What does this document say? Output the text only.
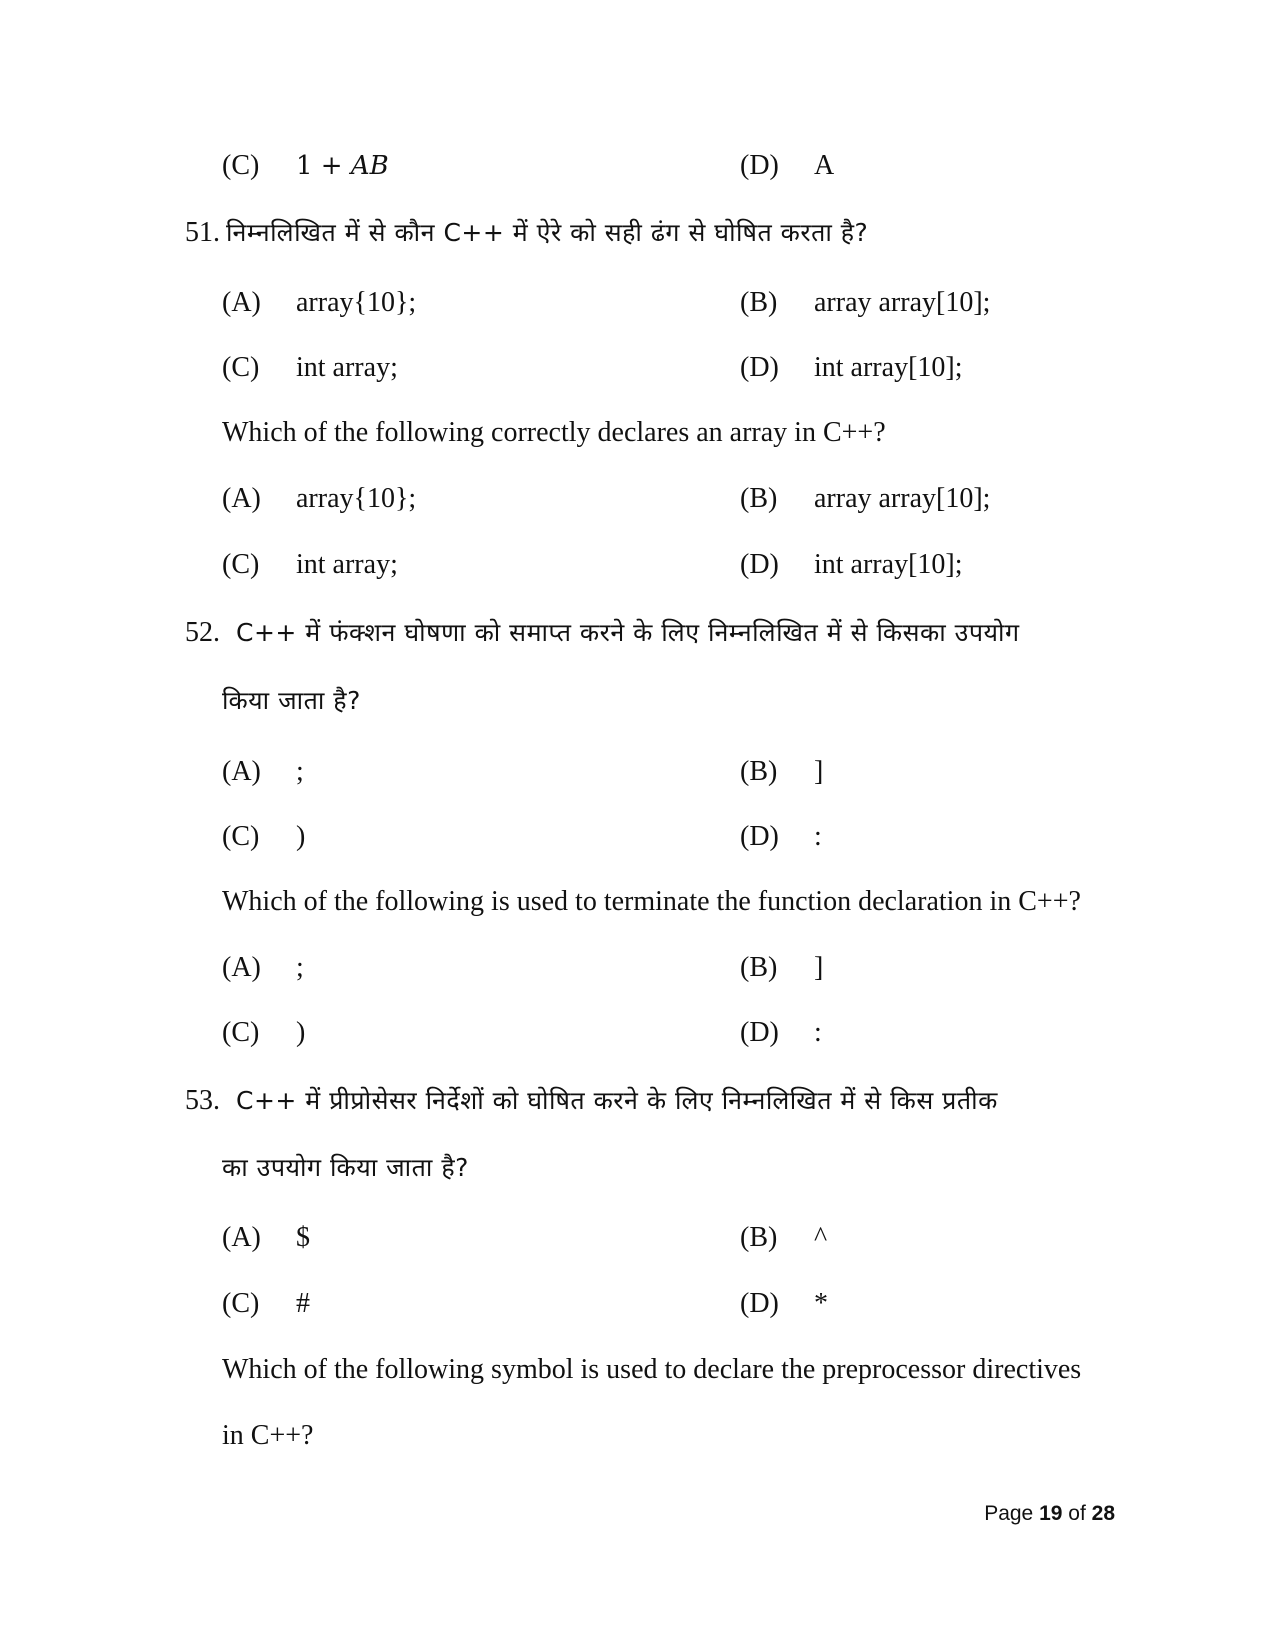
(C) 1 + AB	(D) A
51. निम्नलिखित में से कौन C++ में ऐरे को सही ढंग से घोषित करता है?
(A) array{10};	(B) array array[10];
(C) int array;	(D) int array[10];
Which of the following correctly declares an array in C++?
(A) array{10};	(B) array array[10];
(C) int array;	(D) int array[10];
52. C++ में फंक्शन घोषणा को समाप्त करने के लिए निम्नलिखित में से किसका उपयोग
किया जाता है?
(A) ;	(B) ]
(C) )	(D) :
Which of the following is used to terminate the function declaration in C++?
(A) ;	(B) ]
(C) )	(D) :
53. C++ में प्रीप्रोसेसर निर्देशों को घोषित करने के लिए निम्नलिखित में से किस प्रतीक
का उपयोग किया जाता है?
(A) $	(B) ^
(C) #	(D) *
Which of the following symbol is used to declare the preprocessor directives
in C++?
Page 19 of 28
